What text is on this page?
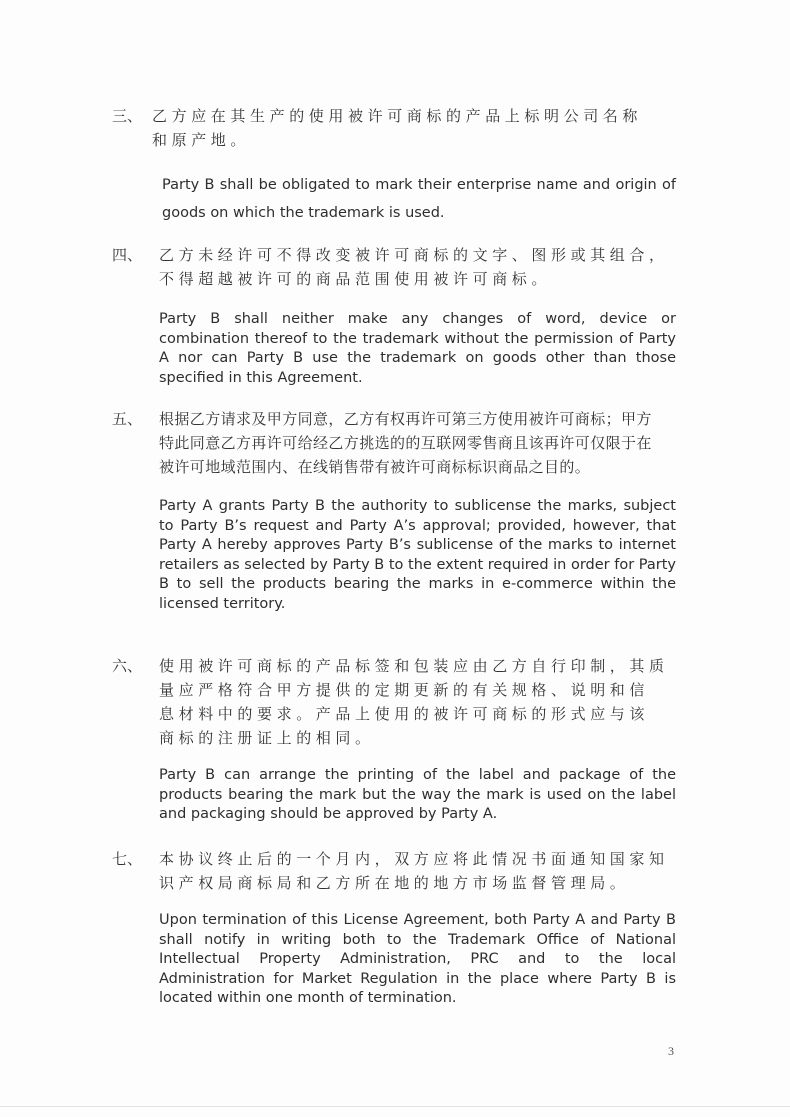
三、 乙方应在其生产的使用被许可商标的产品上标明公司名称
和原产地。

Party B shall be obligated to mark their enterprise name and origin of goods on which the trademark is used.

四、 乙方未经许可不得改变被许可商标的文字、图形或其组合，
不得超越被许可的商品范围使用被许可商标。

Party B shall neither make any changes of word, device or combination thereof to the trademark without the permission of Party A nor can Party B use the trademark on goods other than those specified in this Agreement.

五、 根据乙方请求及甲方同意，乙方有权再许可第三方使用被许可商标；甲方
特此同意乙方再许可给经乙方挑选的的互联网零售商且该再许可仅限于在
被许可地域范围内、在线销售带有被许可商标标识商品之目的。

Party A grants Party B the authority to sublicense the marks, subject to Party B’s request and Party A’s approval; provided, however, that Party A hereby approves Party B’s sublicense of the marks to internet retailers as selected by Party B to the extent required in order for Party B to sell the products bearing the marks in e-commerce within the licensed territory.

六、 使用被许可商标的产品标签和包装应由乙方自行印制，其质
量应严格符合甲方提供的定期更新的有关规格、说明和信
息材料中的要求。产品上使用的被许可商标的形式应与该
商标的注册证上的相同。

Party B can arrange the printing of the label and package of the products bearing the mark but the way the mark is used on the label and packaging should be approved by Party A.

七、 本协议终止后的一个月内，双方应将此情况书面通知国家知
识产权局商标局和乙方所在地的地方市场监督管理局。

Upon termination of this License Agreement, both Party A and Party B shall notify in writing both to the Trademark Office of National Intellectual Property Administration, PRC and to the local Administration for Market Regulation in the place where Party B is located within one month of termination.

3
